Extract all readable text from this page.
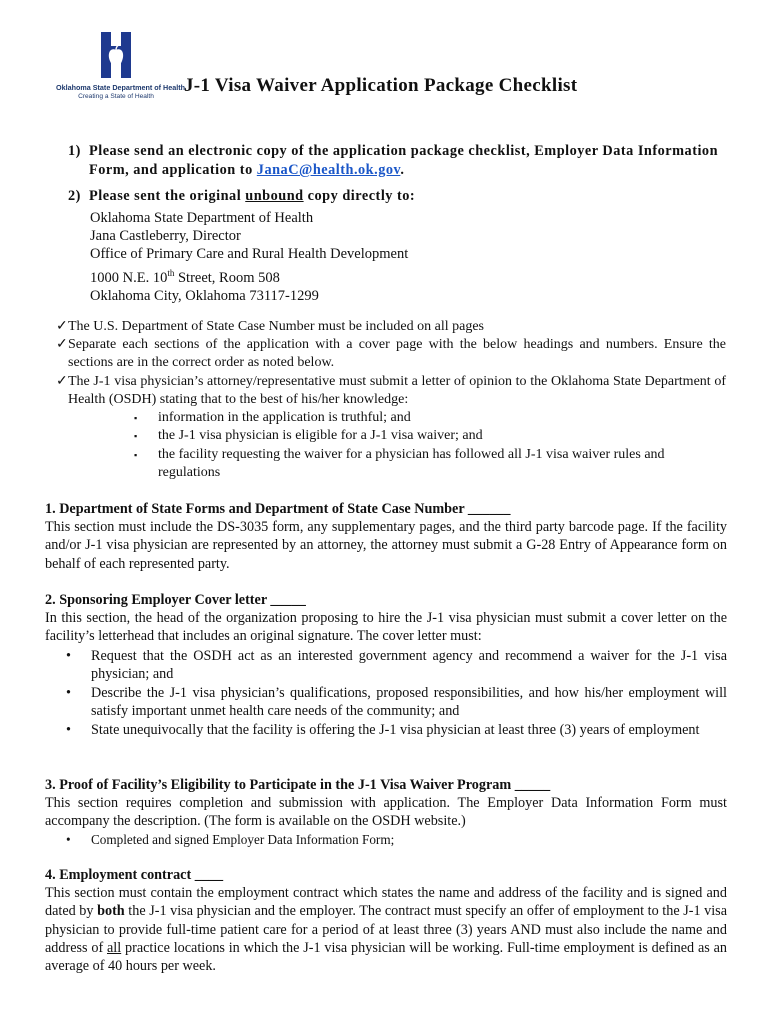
Oklahoma State Department of Health
Creating a State of Health
J-1 Visa Waiver Application Package Checklist
1) Please send an electronic copy of the application package checklist, Employer Data Information Form, and application to JanaC@health.ok.gov.
2) Please sent the original unbound copy directly to:
Oklahoma State Department of Health
Jana Castleberry, Director
Office of Primary Care and Rural Health Development
1000 N.E. 10th Street, Room 508
Oklahoma City, Oklahoma 73117-1299
✓ The U.S. Department of State Case Number must be included on all pages
✓ Separate each sections of the application with a cover page with the below headings and numbers. Ensure the sections are in the correct order as noted below.
✓ The J-1 visa physician’s attorney/representative must submit a letter of opinion to the Oklahoma State Department of Health (OSDH) stating that to the best of his/her knowledge:
▪ information in the application is truthful; and
▪ the J-1 visa physician is eligible for a J-1 visa waiver; and
▪ the facility requesting the waiver for a physician has followed all J-1 visa waiver rules and regulations
1. Department of State Forms and Department of State Case Number ______
This section must include the DS-3035 form, any supplementary pages, and the third party barcode page. If the facility and/or J-1 visa physician are represented by an attorney, the attorney must submit a G-28 Entry of Appearance form on behalf of each represented party.
2. Sponsoring Employer Cover letter _____
In this section, the head of the organization proposing to hire the J-1 visa physician must submit a cover letter on the facility’s letterhead that includes an original signature. The cover letter must:
• Request that the OSDH act as an interested government agency and recommend a waiver for the J-1 visa physician; and
• Describe the J-1 visa physician’s qualifications, proposed responsibilities, and how his/her employment will satisfy important unmet health care needs of the community; and
• State unequivocally that the facility is offering the J-1 visa physician at least three (3) years of employment
3. Proof of Facility’s Eligibility to Participate in the J-1 Visa Waiver Program _____
This section requires completion and submission with application. The Employer Data Information Form must accompany the description. (The form is available on the OSDH website.)
• Completed and signed Employer Data Information Form;
4. Employment contract ____
This section must contain the employment contract which states the name and address of the facility and is signed and dated by both the J-1 visa physician and the employer. The contract must specify an offer of employment to the J-1 visa physician to provide full-time patient care for a period of at least three (3) years AND must also include the name and address of all practice locations in which the J-1 visa physician will be working. Full-time employment is defined as an average of 40 hours per week.
